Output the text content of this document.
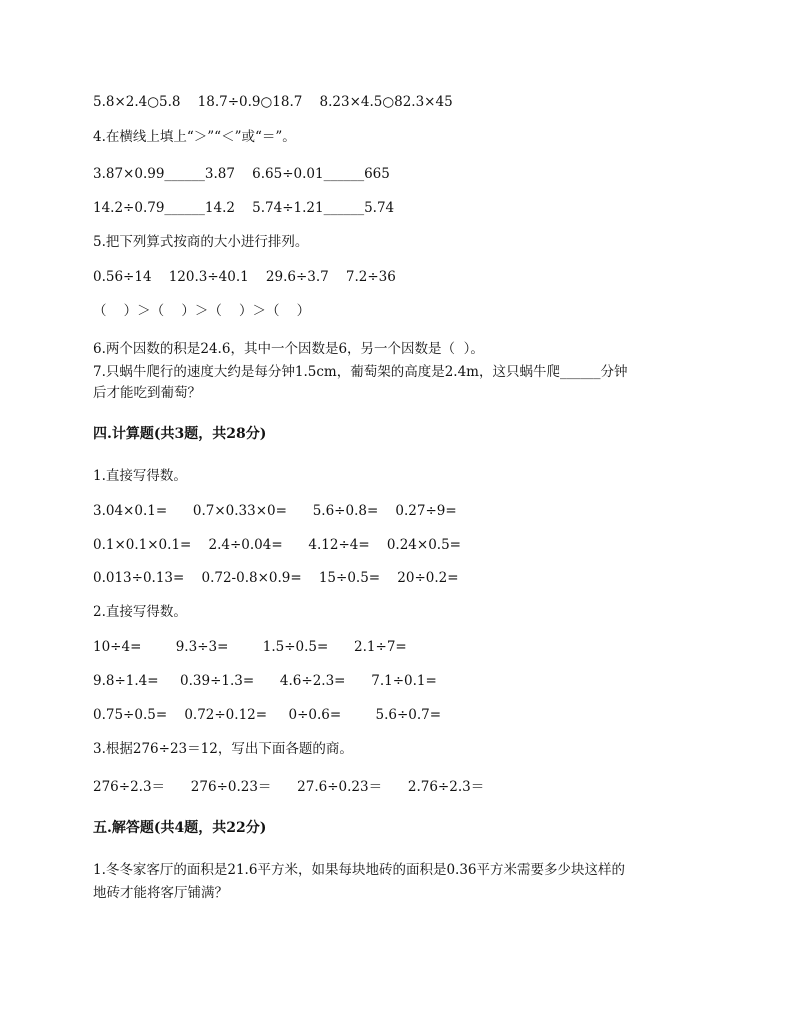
5.8×2.4○5.8    18.7÷0.9○18.7    8.23×4.5○82.3×45
4.在横线上填上“＞”“＜”或“＝”。
3.87×0.99______3.87    6.65÷0.01______665
14.2÷0.79______14.2    5.74÷1.21______5.74
5.把下列算式按商的大小进行排列。
0.56÷14    120.3÷40.1    29.6÷3.7    7.2÷36
（    ）＞（    ）＞（    ）＞（    ）
6.两个因数的积是24.6，其中一个因数是6，另一个因数是（  ）。
7.只蜗牛爬行的速度大约是每分钟1.5cm，葡萄架的高度是2.4m，这只蜗牛爬______分钟
后才能吃到葡萄？
四.计算题(共3题，共28分)
1.直接写得数。
3.04×0.1=      0.7×0.33×0=      5.6÷0.8=    0.27÷9=
0.1×0.1×0.1=    2.4÷0.04=      4.12÷4=    0.24×0.5=
0.013÷0.13=    0.72-0.8×0.9=    15÷0.5=    20÷0.2=
2.直接写得数。
10÷4=        9.3÷3=        1.5÷0.5=      2.1÷7=
9.8÷1.4=     0.39÷1.3=      4.6÷2.3=      7.1÷0.1=
0.75÷0.5=    0.72÷0.12=     0÷0.6=        5.6÷0.7=
3.根据276÷23＝12，写出下面各题的商。
276÷2.3＝      276÷0.23＝      27.6÷0.23＝      2.76÷2.3＝
五.解答题(共4题，共22分)
1.冬冬家客厅的面积是21.6平方米，如果每块地砖的面积是0.36平方米需要多少块这样的
地砖才能将客厅铺满？
